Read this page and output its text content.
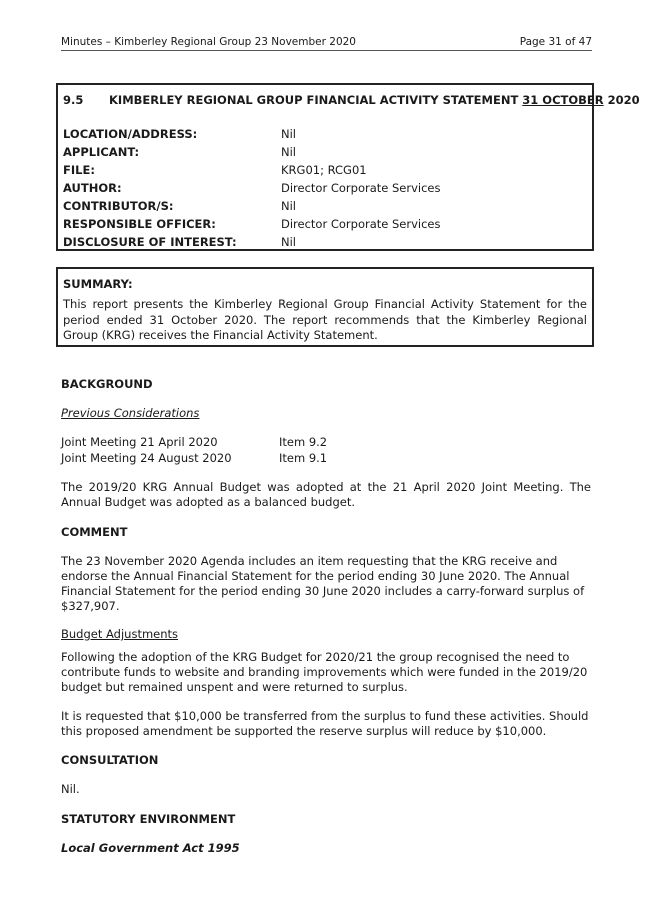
Minutes – Kimberley Regional Group 23 November 2020	Page 31 of 47
9.5 KIMBERLEY REGIONAL GROUP FINANCIAL ACTIVITY STATEMENT 31 OCTOBER 2020
LOCATION/ADDRESS:	Nil
APPLICANT:	Nil
FILE:	KRG01; RCG01
AUTHOR:	Director Corporate Services
CONTRIBUTOR/S:	Nil
RESPONSIBLE OFFICER:	Director Corporate Services
DISCLOSURE OF INTEREST:	Nil
SUMMARY:
This report presents the Kimberley Regional Group Financial Activity Statement for the period ended 31 October 2020. The report recommends that the Kimberley Regional Group (KRG) receives the Financial Activity Statement.
BACKGROUND
Previous Considerations
Joint Meeting 21 April 2020	Item 9.2
Joint Meeting 24 August 2020	Item 9.1
The 2019/20 KRG Annual Budget was adopted at the 21 April 2020 Joint Meeting. The Annual Budget was adopted as a balanced budget.
COMMENT
The 23 November 2020 Agenda includes an item requesting that the KRG receive and endorse the Annual Financial Statement for the period ending 30 June 2020. The Annual Financial Statement for the period ending 30 June 2020 includes a carry-forward surplus of $327,907.
Budget Adjustments
Following the adoption of the KRG Budget for 2020/21 the group recognised the need to contribute funds to website and branding improvements which were funded in the 2019/20 budget but remained unspent and were returned to surplus.
It is requested that $10,000 be transferred from the surplus to fund these activities. Should this proposed amendment be supported the reserve surplus will reduce by $10,000.
CONSULTATION
Nil.
STATUTORY ENVIRONMENT
Local Government Act 1995
